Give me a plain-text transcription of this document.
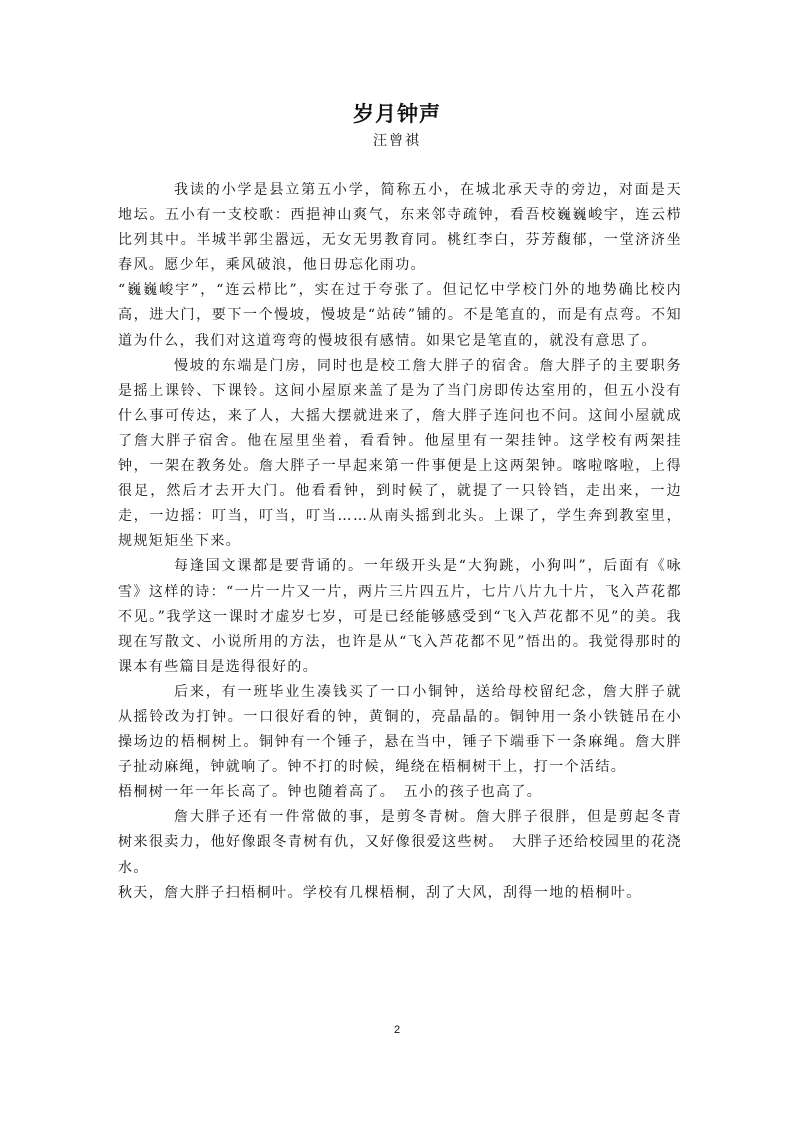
岁月钟声
汪曾祺

我读的小学是县立第五小学，简称五小，在城北承天寺的旁边，对面是天地坛。五小有一支校歌：西挹神山爽气，东来邻寺疏钟，看吾校巍巍峻宇，连云栉比列其中。半城半郭尘嚣远，无女无男教育同。桃红李白，芬芳馥郁，一堂济济坐春风。愿少年，乘风破浪，他日毋忘化雨功。

“巍巍峻宇”，“连云栉比”，实在过于夸张了。但记忆中学校门外的地势确比校内高，进大门，要下一个慢坡，慢坡是“站砖”铺的。不是笔直的，而是有点弯。不知道为什么，我们对这道弯弯的慢坡很有感情。如果它是笔直的，就没有意思了。

慢坡的东端是门房，同时也是校工詹大胖子的宿舍。詹大胖子的主要职务是摇上课铃、下课铃。这间小屋原来盖了是为了当门房即传达室用的，但五小没有什么事可传达，来了人，大摇大摆就进来了，詹大胖子连问也不问。这间小屋就成了詹大胖子宿舍。他在屋里坐着，看看钟。他屋里有一架挂钟。这学校有两架挂钟，一架在教务处。詹大胖子一早起来第一件事便是上这两架钟。喀啦喀啦，上得很足，然后才去开大门。他看看钟，到时候了，就提了一只铃铛，走出来，一边走，一边摇：叮当，叮当，叮当……从南头摇到北头。上课了，学生奔到教室里，规规矩矩坐下来。

每逢国文课都是要背诵的。一年级开头是“大狗跳，小狗叫”，后面有《咏雪》这样的诗：“一片一片又一片，两片三片四五片，七片八片九十片，飞入芦花都不见。”我学这一课时才虚岁七岁，可是已经能够感受到“飞入芦花都不见”的美。我现在写散文、小说所用的方法，也许是从“飞入芦花都不见”悟出的。我觉得那时的课本有些篇目是选得很好的。

后来，有一班毕业生凑钱买了一口小铜钟，送给母校留纪念，詹大胖子就从摇铃改为打钟。一口很好看的钟，黄铜的，亮晶晶的。铜钟用一条小铁链吊在小操场边的梧桐树上。铜钟有一个锤子，悬在当中，锤子下端垂下一条麻绳。詹大胖子扯动麻绳，钟就响了。钟不打的时候，绳绕在梧桐树干上，打一个活结。

梧桐树一年一年长高了。钟也随着高了。　五小的孩子也高了。

詹大胖子还有一件常做的事，是剪冬青树。詹大胖子很胖，但是剪起冬青树来很卖力，他好像跟冬青树有仇，又好像很爱这些树。　大胖子还给校园里的花浇水。

秋天，詹大胖子扫梧桐叶。学校有几棵梧桐，刮了大风，刮得一地的梧桐叶。

2
